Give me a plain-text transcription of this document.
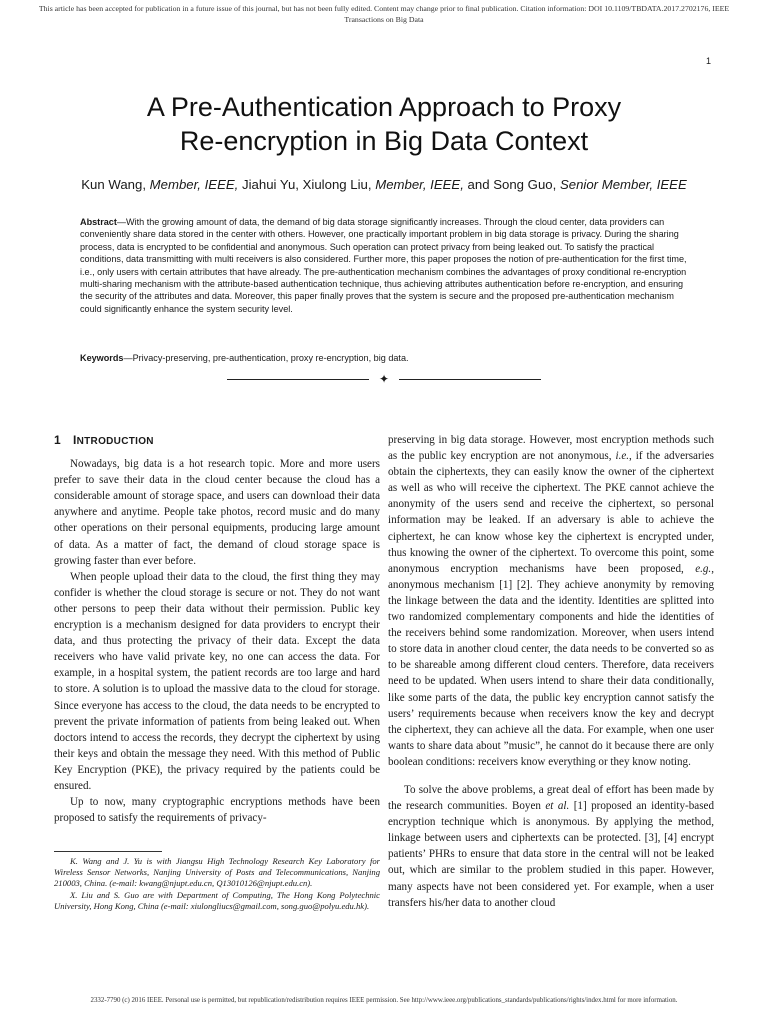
This article has been accepted for publication in a future issue of this journal, but has not been fully edited. Content may change prior to final publication. Citation information: DOI 10.1109/TBDATA.2017.2702176, IEEE
Transactions on Big Data
1
A Pre-Authentication Approach to Proxy
Re-encryption in Big Data Context
Kun Wang, Member, IEEE, Jiahui Yu, Xiulong Liu, Member, IEEE, and Song Guo, Senior Member, IEEE

Abstract—With the growing amount of data, the demand of big data storage significantly increases. Through the cloud center, data providers can conveniently share data stored in the center with others. However, one practically important problem in big data storage is privacy. During the sharing process, data is encrypted to be confidential and anonymous. Such operation can protect privacy from being leaked out. To satisfy the practical conditions, data transmitting with multi receivers is also considered. Further more, this paper proposes the notion of pre-authentication for the first time, i.e., only users with certain attributes that have already. The pre-authentication mechanism combines the advantages of proxy conditional re-encryption multi-sharing mechanism with the attribute-based authentication technique, thus achieving attributes authentication before re-encryption, and ensuring the security of the attributes and data. Moreover, this paper finally proves that the system is secure and the proposed pre-authentication mechanism could significantly enhance the system security level.

Keywords—Privacy-preserving, pre-authentication, proxy re-encryption, big data.

✦
1 INTRODUCTION

Nowadays, big data is a hot research topic. More and more users prefer to save their data in the cloud center because the cloud has a considerable amount of storage space, and users can download their data anywhere and anytime. People take photos, record music and do many other operations on their personal equipments, producing large amount of data. As a matter of fact, the demand of cloud storage space is growing faster than ever before.

When people upload their data to the cloud, the first thing they may confider is whether the cloud storage is secure or not. They do not want other persons to peep their data without their permission. Public key encryption is a mechanism designed for data providers to encrypt their data, and thus protecting the privacy of their data. Except the data receivers who have valid private key, no one can access the data. For example, in a hospital system, the patient records are too large and hard to store. A solution is to upload the massive data to the cloud for storage. Since everyone has access to the cloud, the data needs to be encrypted to prevent the private information of patients from being leaked out. When doctors intend to access the records, they decrypt the ciphertext by using their keys and obtain the message they need. With this method of Public Key Encryption (PKE), the privacy required by the patients could be ensured.

Up to now, many cryptographic encryptions methods have been proposed to satisfy the requirements of privacy-

K. Wang and J. Yu is with Jiangsu High Technology Research Key Laboratory for Wireless Sensor Networks, Nanjing University of Posts and Telecommunications, Nanjing 210003, China. (e-mail: kwang@njupt.edu.cn, Q13010126@njupt.edu.cn).

X. Liu and S. Guo are with Department of Computing, The Hong Kong Polytechnic University, Hong Kong, China (e-mail: xiulongliucs@gmail.com, song.guo@polyu.edu.hk).

preserving in big data storage. However, most encryption methods such as the public key encryption are not anonymous, i.e., if the adversaries obtain the ciphertexts, they can easily know the owner of the ciphertext as well as who will receive the ciphertext. The PKE cannot achieve the anonymity of the users send and receive the ciphertext, so personal information may be leaked. If an adversary is able to achieve the ciphertext, he can know whose key the ciphertext is encrypted under, thus knowing the owner of the ciphertext. To overcome this point, some anonymous encryption mechanisms have been proposed, e.g., anonymous mechanism [1] [2]. They achieve anonymity by removing the linkage between the data and the identity. Identities are splitted into two randomized complementary components and hide the identities of the receivers behind some randomization. Moreover, when users intend to store data in another cloud center, the data needs to be converted so as to be shareable among different cloud centers. Therefore, data receivers need to be updated. When users intend to share their data conditionally, like some parts of the data, the public key encryption cannot satisfy the users’ requirements because when receivers know the key and decrypt the ciphertext, they can achieve all the data. For example, when one user wants to share data about ”music”, he cannot do it because there are only boolean conditions: receivers know everything or they know noting.

To solve the above problems, a great deal of effort has been made by the research communities. Boyen et al. [1] proposed an identity-based encryption technique which is anonymous. By applying the method, linkage between users and ciphertexts can be protected. [3], [4] encrypt patients’ PHRs to ensure that data store in the central will not be leaked out, which are similar to the problem studied in this paper. However, many aspects have not been considered yet. For example, when a user transfers his/her data to another cloud

2332-7790 (c) 2016 IEEE. Personal use is permitted, but republication/redistribution requires IEEE permission. See http://www.ieee.org/publications_standards/publications/rights/index.html for more information.
